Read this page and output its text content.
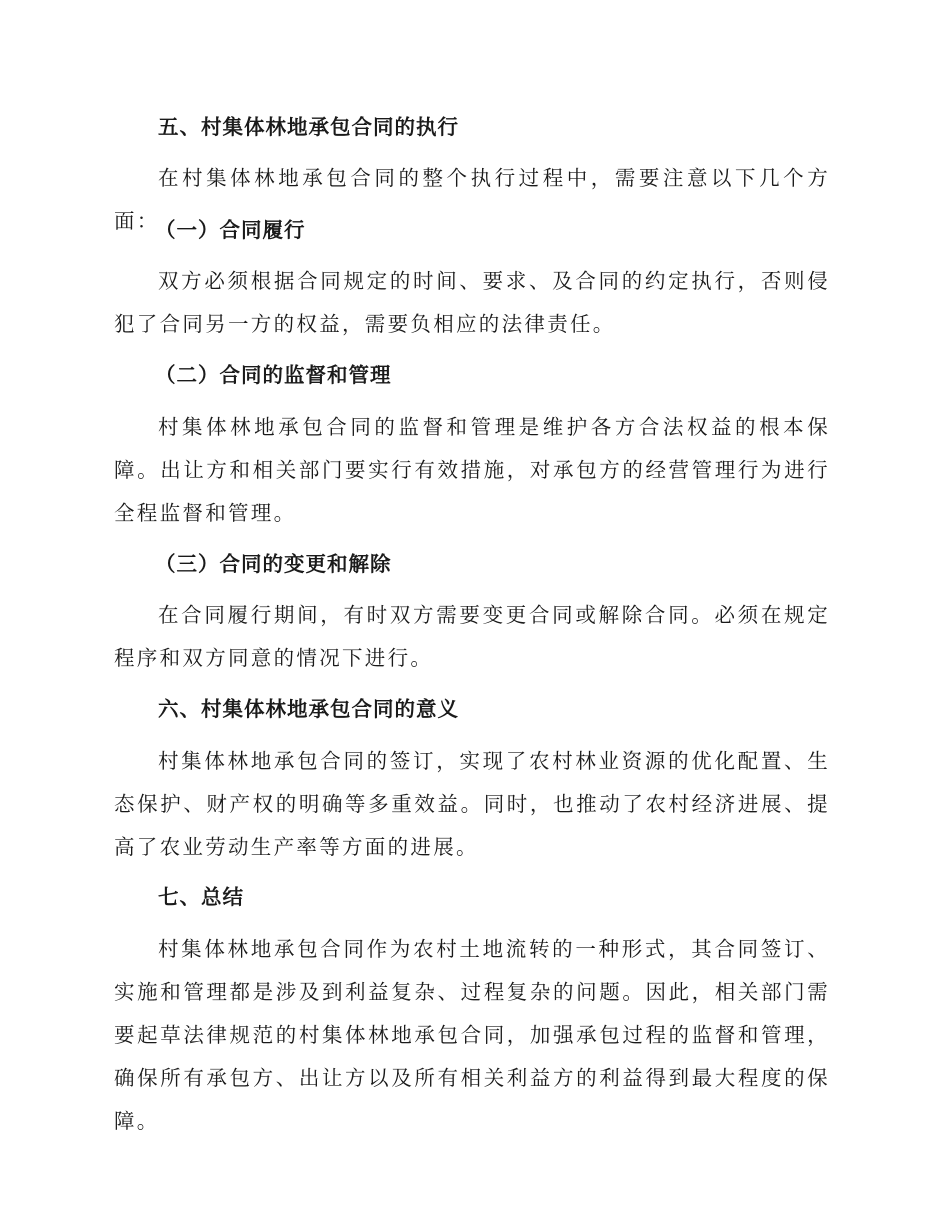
五、村集体林地承包合同的执行

在村集体林地承包合同的整个执行过程中，需要注意以下几个方面：

（一）合同履行

双方必须根据合同规定的时间、要求、及合同的约定执行，否则侵犯了合同另一方的权益，需要负相应的法律责任。

（二）合同的监督和管理

村集体林地承包合同的监督和管理是维护各方合法权益的根本保障。出让方和相关部门要实行有效措施，对承包方的经营管理行为进行全程监督和管理。

（三）合同的变更和解除

在合同履行期间，有时双方需要变更合同或解除合同。必须在规定程序和双方同意的情况下进行。

六、村集体林地承包合同的意义

村集体林地承包合同的签订，实现了农村林业资源的优化配置、生态保护、财产权的明确等多重效益。同时，也推动了农村经济进展、提高了农业劳动生产率等方面的进展。

七、总结

村集体林地承包合同作为农村土地流转的一种形式，其合同签订、实施和管理都是涉及到利益复杂、过程复杂的问题。因此，相关部门需要起草法律规范的村集体林地承包合同，加强承包过程的监督和管理，确保所有承包方、出让方以及所有相关利益方的利益得到最大程度的保障。
